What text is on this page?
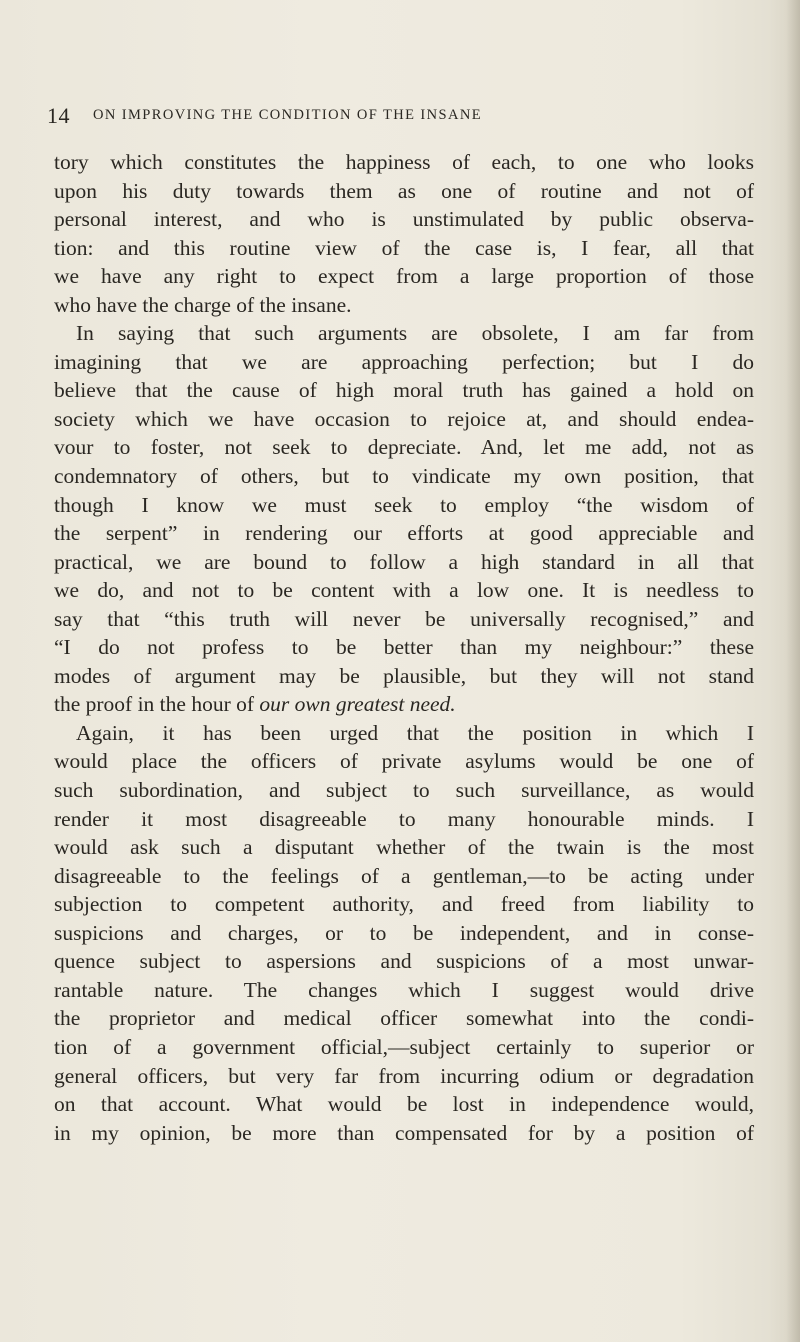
14 ON IMPROVING THE CONDITION OF THE INSANE
tory which constitutes the happiness of each, to one who looks
upon his duty towards them as one of routine and not of
personal interest, and who is unstimulated by public observa-
tion: and this routine view of the case is, I fear, all that
we have any right to expect from a large proportion of those
who have the charge of the insane.
In saying that such arguments are obsolete, I am far from
imagining that we are approaching perfection; but I do
believe that the cause of high moral truth has gained a hold on
society which we have occasion to rejoice at, and should endea-
vour to foster, not seek to depreciate. And, let me add, not as
condemnatory of others, but to vindicate my own position, that
though I know we must seek to employ “the wisdom of
the serpent” in rendering our efforts at good appreciable and
practical, we are bound to follow a high standard in all that
we do, and not to be content with a low one. It is needless to
say that “this truth will never be universally recognised,” and
“I do not profess to be better than my neighbour:” these
modes of argument may be plausible, but they will not stand
the proof in the hour of our own greatest need.
Again, it has been urged that the position in which I
would place the officers of private asylums would be one of
such subordination, and subject to such surveillance, as would
render it most disagreeable to many honourable minds. I
would ask such a disputant whether of the twain is the most
disagreeable to the feelings of a gentleman,—to be acting under
subjection to competent authority, and freed from liability to
suspicions and charges, or to be independent, and in conse-
quence subject to aspersions and suspicions of a most unwar-
rantable nature. The changes which I suggest would drive
the proprietor and medical officer somewhat into the condi-
tion of a government official,—subject certainly to superior or
general officers, but very far from incurring odium or degradation
on that account. What would be lost in independence would,
in my opinion, be more than compensated for by a position of
